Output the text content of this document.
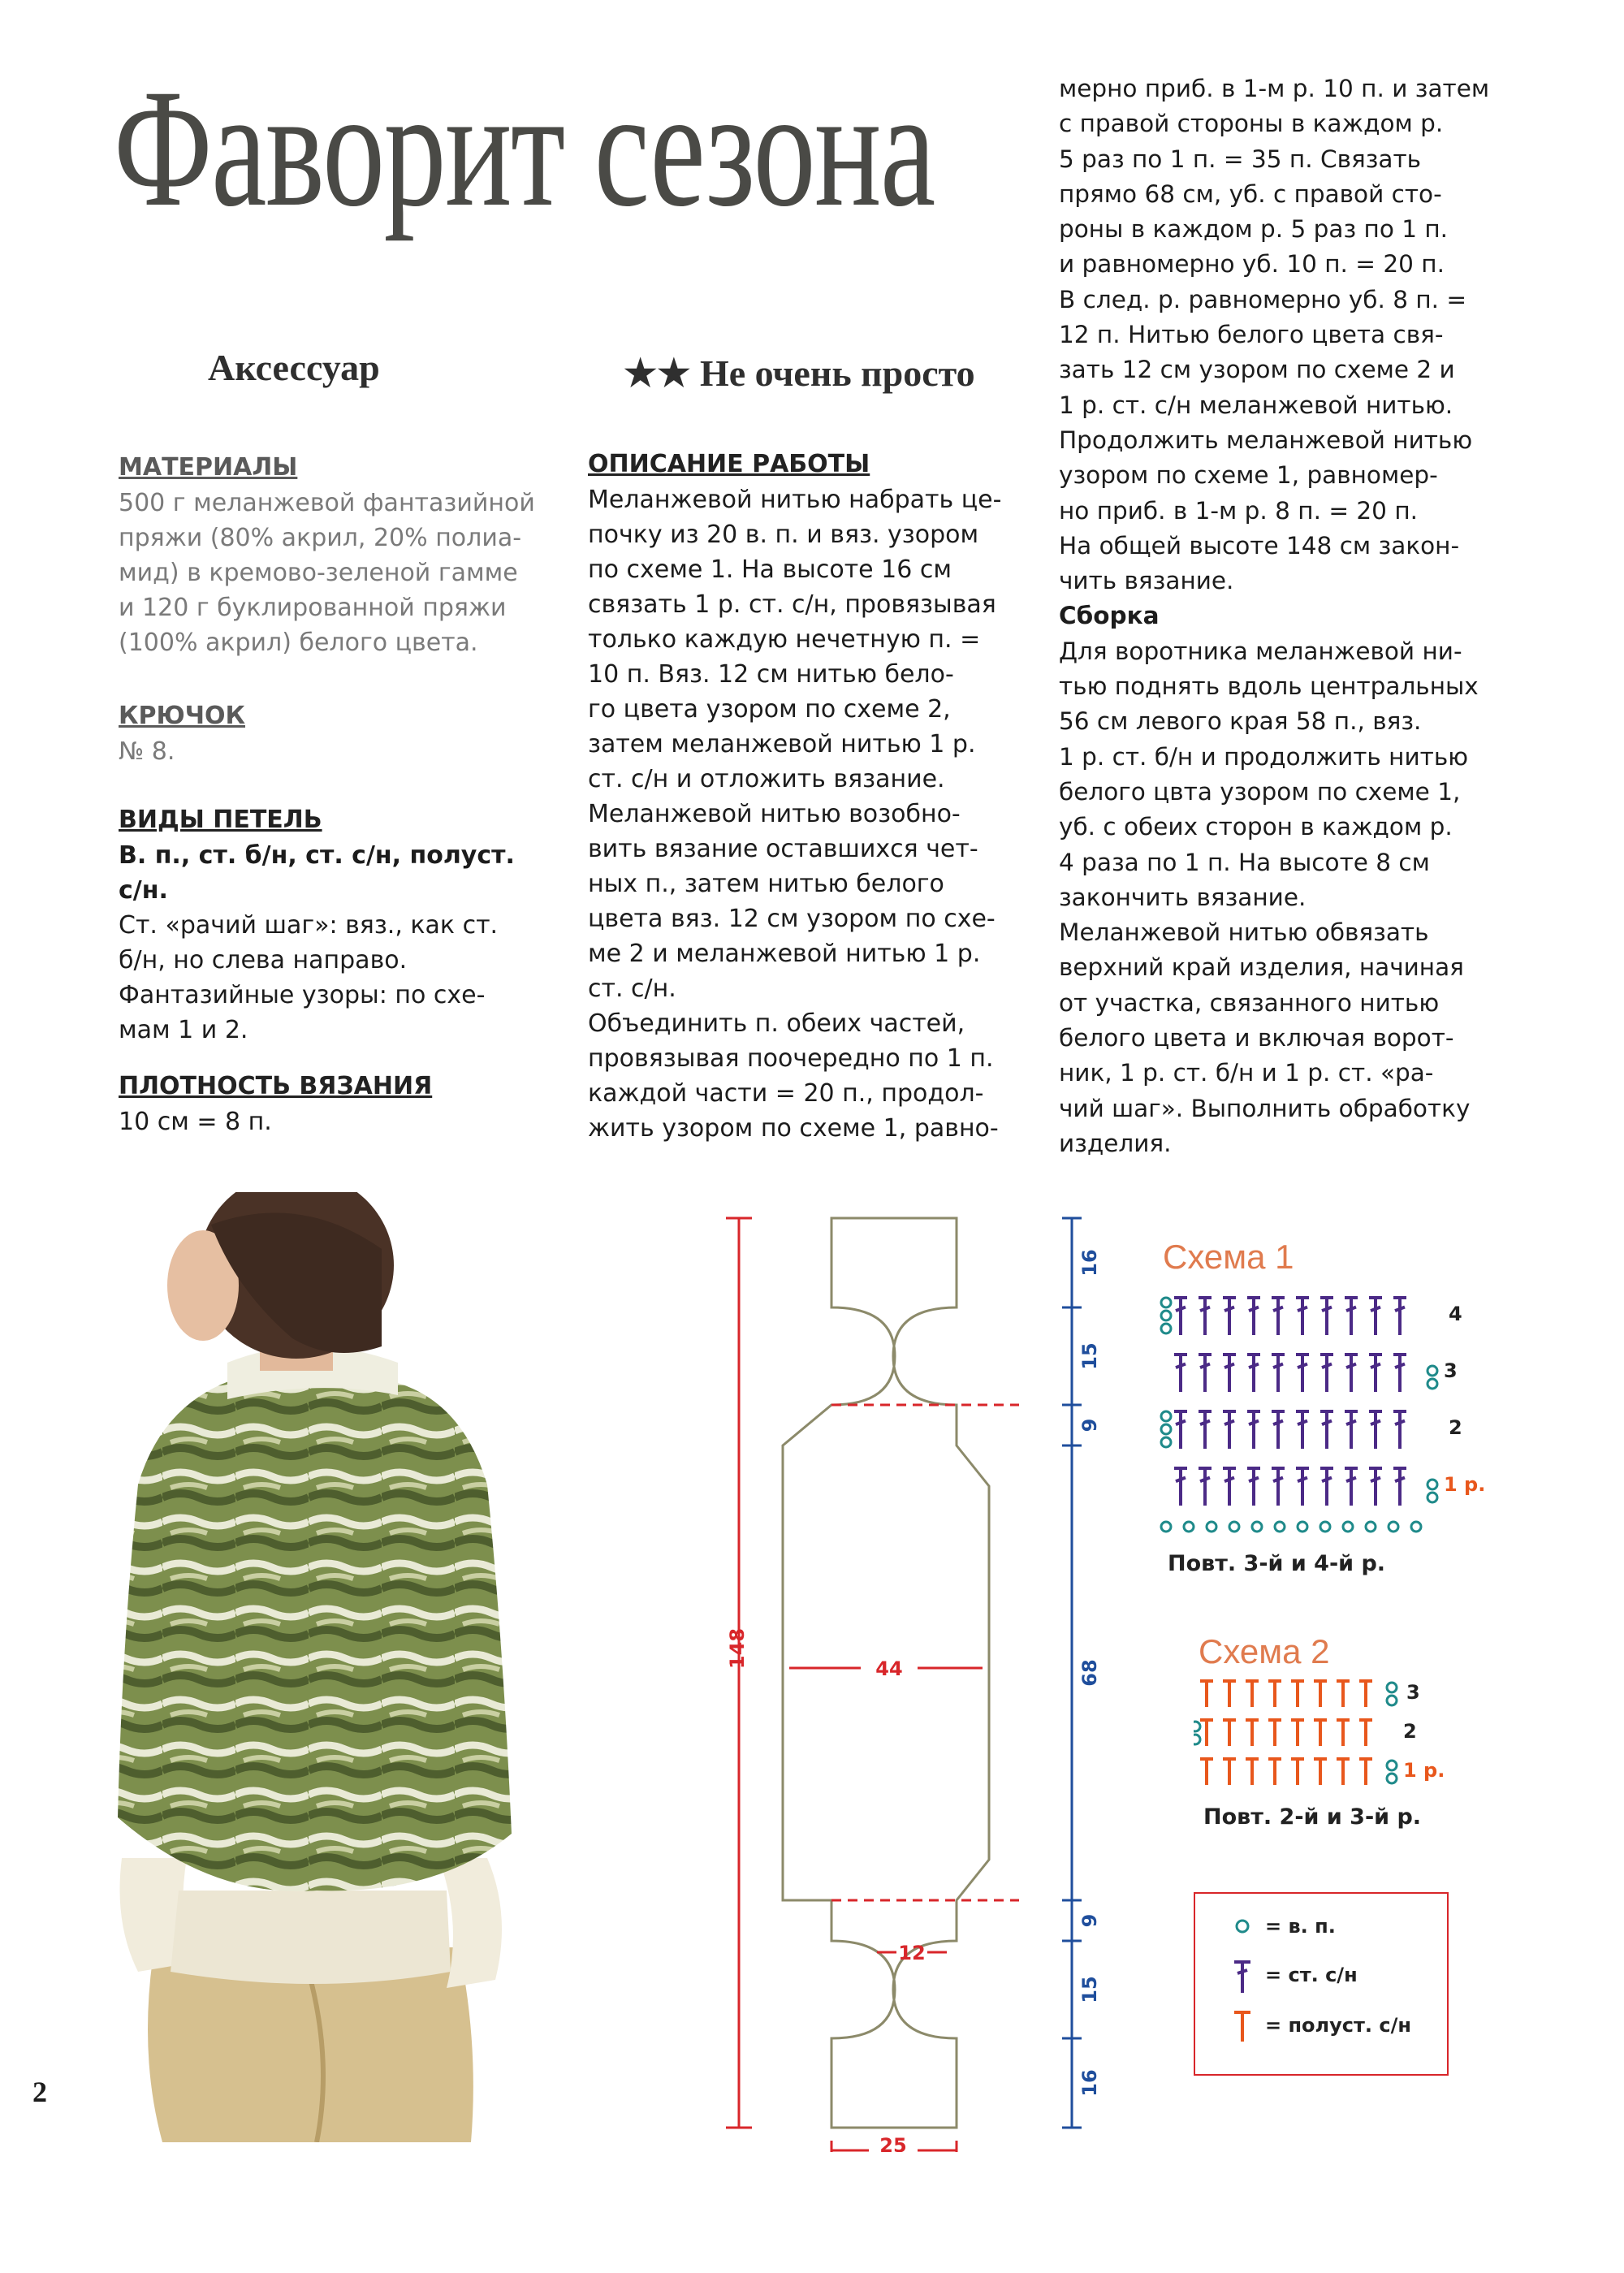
Фаворит сезона
Аксессуар	★★ Не очень просто
МАТЕРИАЛЫ
500 г меланжевой фантазийной
пряжи (80% акрил, 20% полиа-
мид) в кремово-зеленой гамме
и 120 г буклированной пряжи
(100% акрил) белого цвета.
КРЮЧОК
№ 8.
ВИДЫ ПЕТЕЛЬ
В. п., ст. б/н, ст. с/н, полуст.
с/н.
Ст. «рачий шаг»: вяз., как ст.
б/н, но слева направо.
Фантазийные узоры: по схе-
мам 1 и 2.
ПЛОТНОСТЬ ВЯЗАНИЯ
10 см = 8 п.
ОПИСАНИЕ РАБОТЫ
Меланжевой нитью набрать це-
почку из 20 в. п. и вяз. узором
по схеме 1. На высоте 16 см
связать 1 р. ст. с/н, провязывая
только каждую нечетную п. =
10 п. Вяз. 12 см нитью бело-
го цвета узором по схеме 2,
затем меланжевой нитью 1 р.
ст. с/н и отложить вязание.
Меланжевой нитью возобно-
вить вязание оставшихся чет-
ных п., затем нитью белого
цвета вяз. 12 см узором по схе-
ме 2 и меланжевой нитью 1 р.
ст. с/н.
Объединить п. обеих частей,
провязывая поочередно по 1 п.
каждой части = 20 п., продол-
жить узором по схеме 1, равно-
мерно приб. в 1-м р. 10 п. и затем
с правой стороны в каждом р.
5 раз по 1 п. = 35 п. Связать
прямо 68 см, уб. с правой сто-
роны в каждом р. 5 раз по 1 п.
и равномерно уб. 10 п. = 20 п.
В след. р. равномерно уб. 8 п. =
12 п. Нитью белого цвета свя-
зать 12 см узором по схеме 2 и
1 р. ст. с/н меланжевой нитью.
Продолжить меланжевой нитью
узором по схеме 1, равномер-
но приб. в 1-м р. 8 п. = 20 п.
На общей высоте 148 см закон-
чить вязание.
Сборка
Для воротника меланжевой ни-
тью поднять вдоль центральных
56 см левого края 58 п., вяз.
1 р. ст. б/н и продолжить нитью
белого цвта узором по схеме 1,
уб. с обеих сторон в каждом р.
4 раза по 1 п. На высоте 8 см
закончить вязание.
Меланжевой нитью обвязать
верхний край изделия, начиная
от участка, связанного нитью
белого цвета и включая ворот-
ник, 1 р. ст. б/н и 1 р. ст. «ра-
чий шаг». Выполнить обработку
изделия.
148	44
12
25
16
15
9
68
9
15
16
Схема 1
4
3
2
1 р.
Повт. 3-й и 4-й р.
Схема 2
3
2
1 р.
Повт. 2-й и 3-й р.
= в. п.
= ст. с/н
= полуст. с/н
2
